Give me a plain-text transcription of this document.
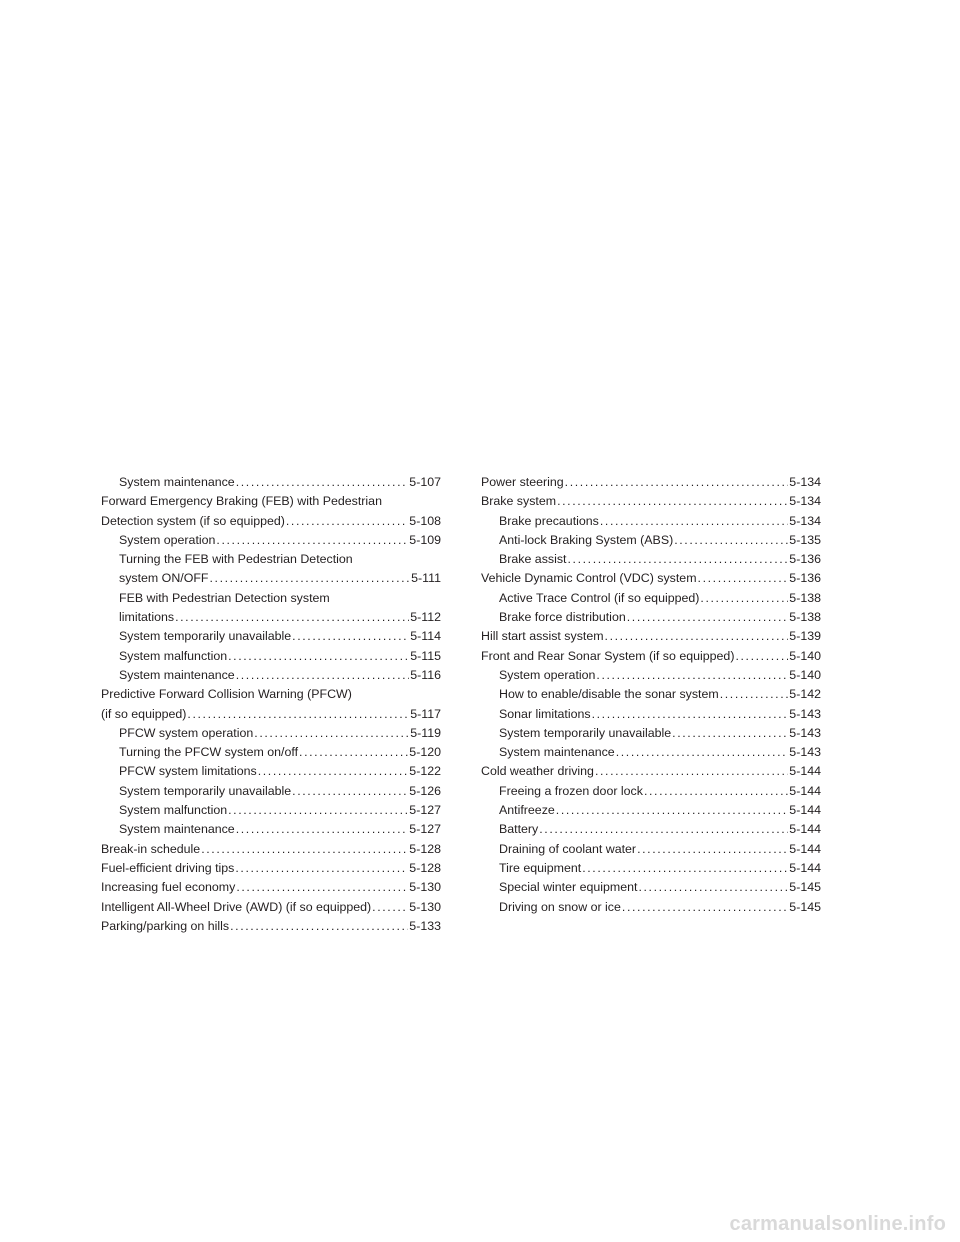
System maintenance .....	5-107
Forward Emergency Braking (FEB) with Pedestrian
Detection system (if so equipped) .....	5-108
System operation .....	5-109
Turning the FEB with Pedestrian Detection
system ON/OFF .....	5-111
FEB with Pedestrian Detection system
limitations .....	5-112
System temporarily unavailable .....	5-114
System malfunction .....	5-115
System maintenance .....	5-116
Predictive Forward Collision Warning (PFCW)
(if so equipped) .....	5-117
PFCW system operation .....	5-119
Turning the PFCW system on/off .....	5-120
PFCW system limitations .....	5-122
System temporarily unavailable .....	5-126
System malfunction .....	5-127
System maintenance .....	5-127
Break-in schedule .....	5-128
Fuel-efficient driving tips .....	5-128
Increasing fuel economy .....	5-130
Intelligent All-Wheel Drive (AWD) (if so equipped) .....	5-130
Parking/parking on hills .....	5-133
Power steering .....	5-134
Brake system .....	5-134
Brake precautions .....	5-134
Anti-lock Braking System (ABS) .....	5-135
Brake assist .....	5-136
Vehicle Dynamic Control (VDC) system .....	5-136
Active Trace Control (if so equipped) .....	5-138
Brake force distribution .....	5-138
Hill start assist system .....	5-139
Front and Rear Sonar System (if so equipped) .....	5-140
System operation .....	5-140
How to enable/disable the sonar system .....	5-142
Sonar limitations .....	5-143
System temporarily unavailable .....	5-143
System maintenance .....	5-143
Cold weather driving .....	5-144
Freeing a frozen door lock .....	5-144
Antifreeze .....	5-144
Battery .....	5-144
Draining of coolant water .....	5-144
Tire equipment .....	5-144
Special winter equipment .....	5-145
Driving on snow or ice .....	5-145
carmanualsonline.info
